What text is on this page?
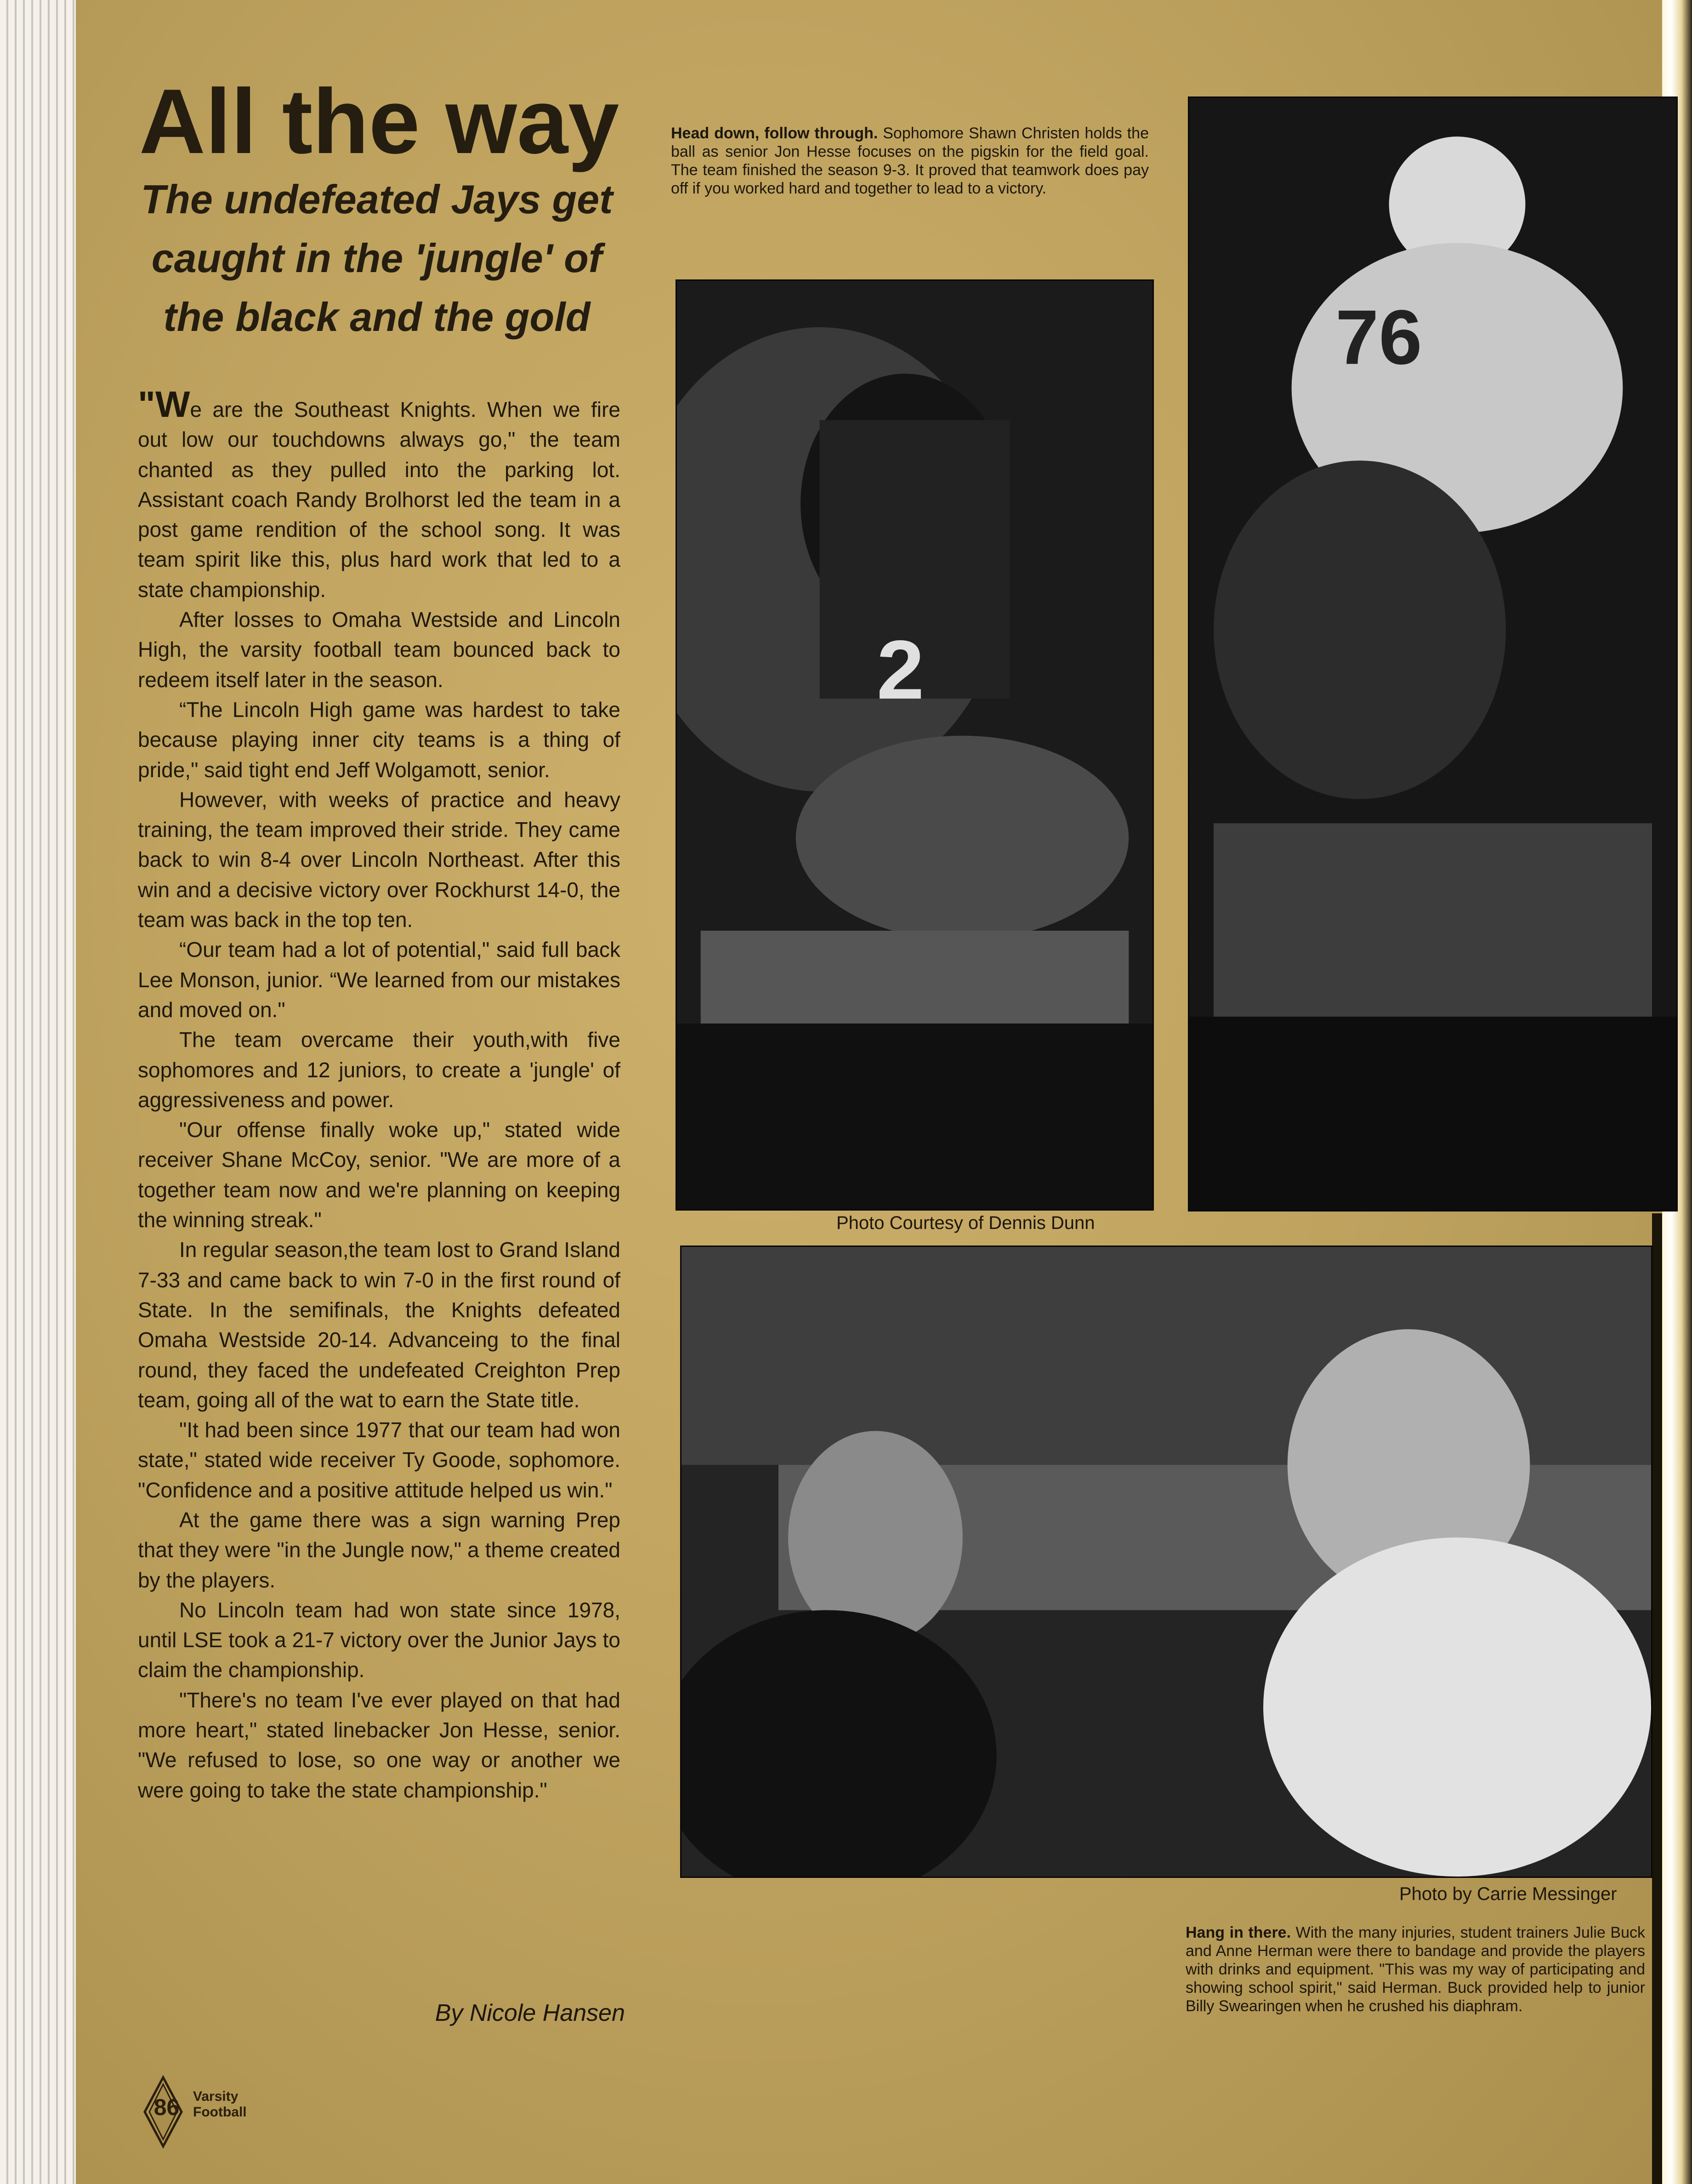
All the way
The undefeated Jays get caught in the 'jungle' of the black and the gold

"We are the Southeast Knights. When we fire out low our touchdowns always go," the team chanted as they pulled into the parking lot. Assistant coach Randy Brolhorst led the team in a post game rendition of the school song. It was team spirit like this, plus hard work that led to a state championship.

After losses to Omaha Westside and Lincoln High, the varsity football team bounced back to redeem itself later in the season.

“The Lincoln High game was hardest to take because playing inner city teams is a thing of pride," said tight end Jeff Wolgamott, senior.

However, with weeks of practice and heavy training, the team improved their stride. They came back to win 8-4 over Lincoln Northeast. After this win and a decisive victory over Rockhurst 14-0, the team was back in the top ten.

“Our team had a lot of potential," said full back Lee Monson, junior. “We learned from our mistakes and moved on."

The team overcame their youth,with five sophomores and 12 juniors, to create a 'jungle' of aggressiveness and power.

"Our offense finally woke up," stated wide receiver Shane McCoy, senior. "We are more of a together team now and we're planning on keeping the winning streak."

In regular season,the team lost to Grand Island 7-33 and came back to win 7-0 in the first round of State. In the semifinals, the Knights defeated Omaha Westside 20-14. Advanceing to the final round, they faced the undefeated Creighton Prep team, going all of the wat to earn the State title.

"It had been since 1977 that our team had won state," stated wide receiver Ty Goode, sophomore. "Confidence and a positive attitude helped us win."

At the game there was a sign warning Prep that they were "in the Jungle now," a theme created by the players.

No Lincoln team had won state since 1978, until LSE took a 21-7 victory over the Junior Jays to claim the championship.

"There's no team I've ever played on that had more heart," stated linebacker Jon Hesse, senior. "We refused to lose, so one way or another we were going to take the state championship."

By Nicole Hansen

Head down, follow through. Sophomore Shawn Christen holds the ball as senior Jon Hesse focuses on the pigskin for the field goal. The team finished the season 9-3. It proved that teamwork does pay off if you worked hard and together to lead to a victory.

2

Photo Courtesy of Dennis Dunn

76

Photo by Carrie Messinger

Hang in there. With the many injuries, student trainers Julie Buck and Anne Herman were there to bandage and provide the players with drinks and equipment. "This was my way of participating and showing school spirit," said Herman. Buck provided help to junior Billy Swearingen when he crushed his diaphram.

86 Varsity
Football
